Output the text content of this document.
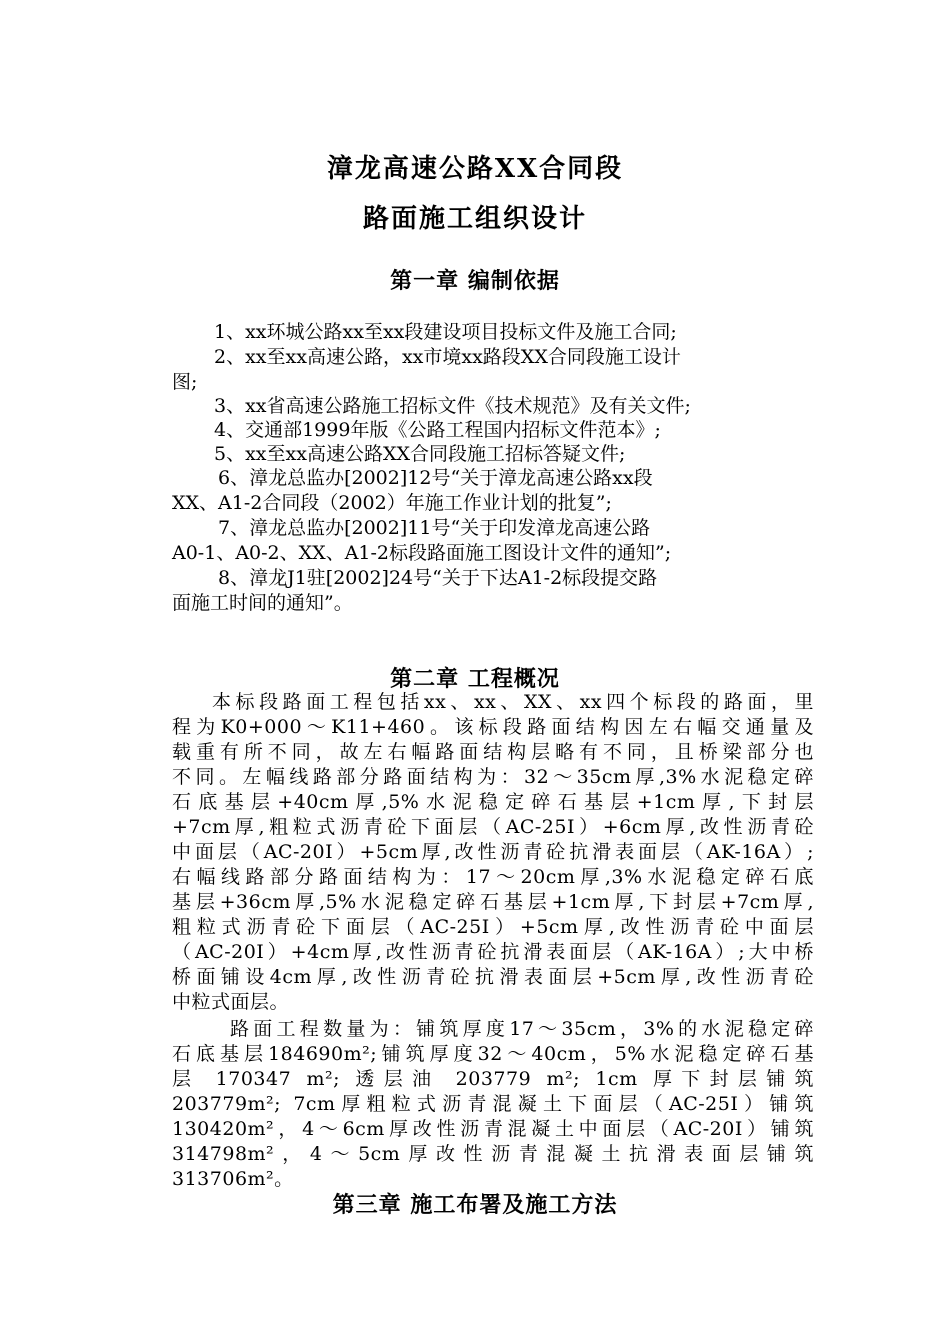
漳龙高速公路XX合同段
路面施工组织设计
第一章 编制依据
1、xx环城公路xx至xx段建设项目投标文件及施工合同;
2、xx至xx高速公路，xx市境xx路段XX合同段施工设计
图;
3、xx省高速公路施工招标文件《技术规范》及有关文件;
4、交通部1999年版《公路工程国内招标文件范本》;
5、xx至xx高速公路XX合同段施工招标答疑文件;
6、漳龙总监办[2002]12号“关于漳龙高速公路xx段
XX、A1-2合同段（2002）年施工作业计划的批复”;
7、漳龙总监办[2002]11号“关于印发漳龙高速公路
A0-1、A0-2、XX、A1-2标段路面施工图设计文件的通知”;
8、漳龙J1驻[2002]24号“关于下达A1-2标段提交路
面施工时间的通知”。
第二章 工程概况
本标段路面工程包括xx、xx、XX、xx四个标段的路面，里
程为K0+000～K11+460。该标段路面结构因左右幅交通量及
载重有所不同，故左右幅路面结构层略有不同，且桥梁部分也
不同。左幅线路部分路面结构为：32～35cm厚,3%水泥稳定碎
石底基层+40cm厚,5%水泥稳定碎石基层+1cm厚,下封层
+7cm厚,粗粒式沥青砼下面层（AC-25I）+6cm厚,改性沥青砼
中面层（AC-20I）+5cm厚,改性沥青砼抗滑表面层（AK-16A）;
右幅线路部分路面结构为：17～20cm厚,3%水泥稳定碎石底
基层+36cm厚,5%水泥稳定碎石基层+1cm厚,下封层+7cm厚,
粗粒式沥青砼下面层（AC-25I）+5cm厚,改性沥青砼中面层
（AC-20I）+4cm厚,改性沥青砼抗滑表面层（AK-16A）;大中桥
桥面铺设4cm厚,改性沥青砼抗滑表面层+5cm厚,改性沥青砼
中粒式面层。
路面工程数量为：铺筑厚度17～35cm，3%的水泥稳定碎
石底基层184690m²;铺筑厚度32～40cm，5%水泥稳定碎石基
层 170347 m²; 透层油 203779 m²; 1cm 厚下封层铺筑
203779m²; 7cm厚粗粒式沥青混凝土下面层（AC-25I）铺筑
130420m²，4～6cm厚改性沥青混凝土中面层（AC-20I）铺筑
314798m²，4～5cm厚改性沥青混凝土抗滑表面层铺筑
313706m²。
第三章 施工布署及施工方法
